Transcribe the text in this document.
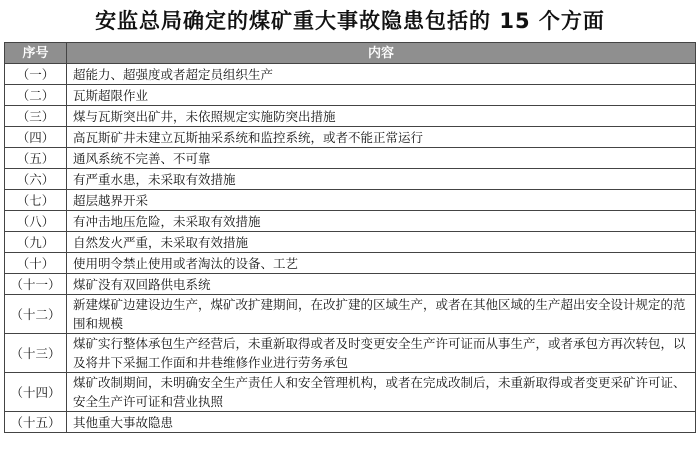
安监总局确定的煤矿重大事故隐患包括的 15 个方面
序号	内容
（一）	超能力、超强度或者超定员组织生产
（二）	瓦斯超限作业
（三）	煤与瓦斯突出矿井，未依照规定实施防突出措施
（四）	高瓦斯矿井未建立瓦斯抽采系统和监控系统，或者不能正常运行
（五）	通风系统不完善、不可靠
（六）	有严重水患，未采取有效措施
（七）	超层越界开采
（八）	有冲击地压危险，未采取有效措施
（九）	自然发火严重，未采取有效措施
（十）	使用明令禁止使用或者淘汰的设备、工艺
（十一）	煤矿没有双回路供电系统
（十二）	新建煤矿边建设边生产，煤矿改扩建期间，在改扩建的区域生产，或者在其他区域的生产超出安全设计规定的范围和规模
（十三）	煤矿实行整体承包生产经营后，未重新取得或者及时变更安全生产许可证而从事生产，或者承包方再次转包，以及将井下采掘工作面和井巷维修作业进行劳务承包
（十四）	煤矿改制期间，未明确安全生产责任人和安全管理机构，或者在完成改制后，未重新取得或者变更采矿许可证、安全生产许可证和营业执照
（十五）	其他重大事故隐患
